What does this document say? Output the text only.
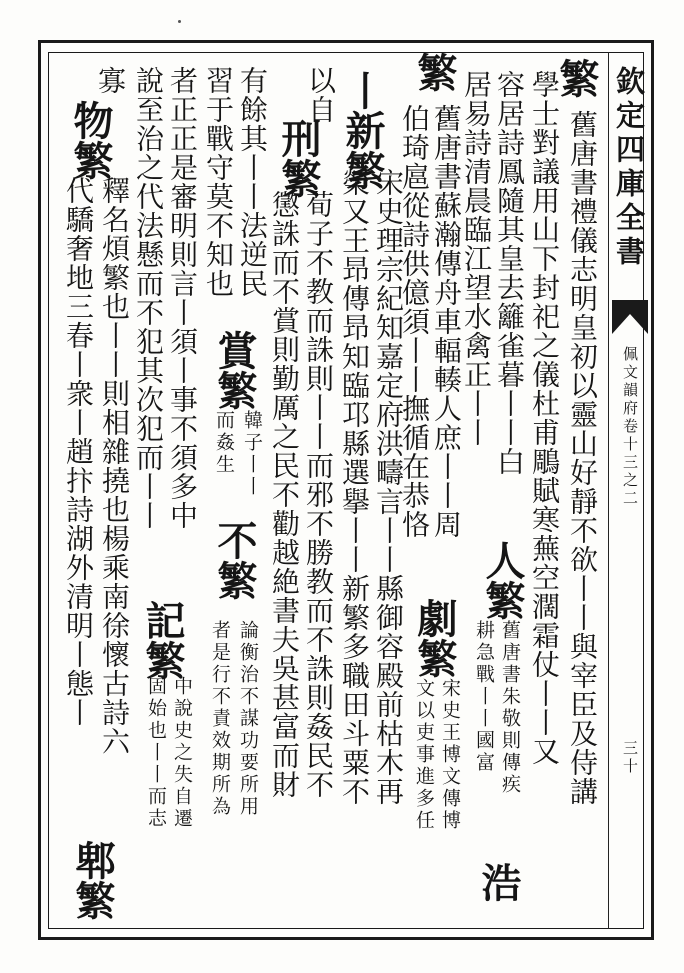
欽定四庫全書
佩文韻府卷十三之二
三十
舊唐書禮儀志明皇初以靈山好靜不欲丨丨與宰臣及侍講
繁
學士對議用山下封祀之儀杜甫鵰賦寒蕪空濶霜仗丨丨又
容居詩鳳隨其皇去籬雀暮丨丨白
居易詩清晨臨江望水禽正丨丨
人繁
舊唐書朱敬則傳疾
耕急戰丨丨國富
浩
繁
舊唐書蘇瀚傳舟車輻輳人庶丨丨周
伯琦扈從詩供億須丨丨撫循在恭恪
劇繁
宋史王博文傳博
文以吏事進多任
丨新繁
宋史理宗紀知嘉定府洪疇言丨丨縣御容殿前枯木再
榮又王昻傳昻知臨邛縣選擧丨丨新繁多職田斗粟不
刑繁
荀子不教而誅則丨丨而邪不勝教而不誅則姦民不
懲誅而不賞則勤厲之民不勸越絶書夫吳甚富而財
以自
賞繁
韓子丨丨
而姦生
不繁
論衡治不謀功要所用
者是行不責效期所為
有餘其丨丨法逆民
習于戰守莫不知也
記繁
中說史之失自遷
固始也丨丨而志
者正正是審明則言丨須丨事不須多中
說至治之代法懸而不犯其次犯而丨丨
寡
物繁
釋名煩繁也丨丨則相雜撓也楊乘南徐懷古詩六
代驕奢地三春丨衆丨趙抃詩湖外清明丨態丨
郫繁
